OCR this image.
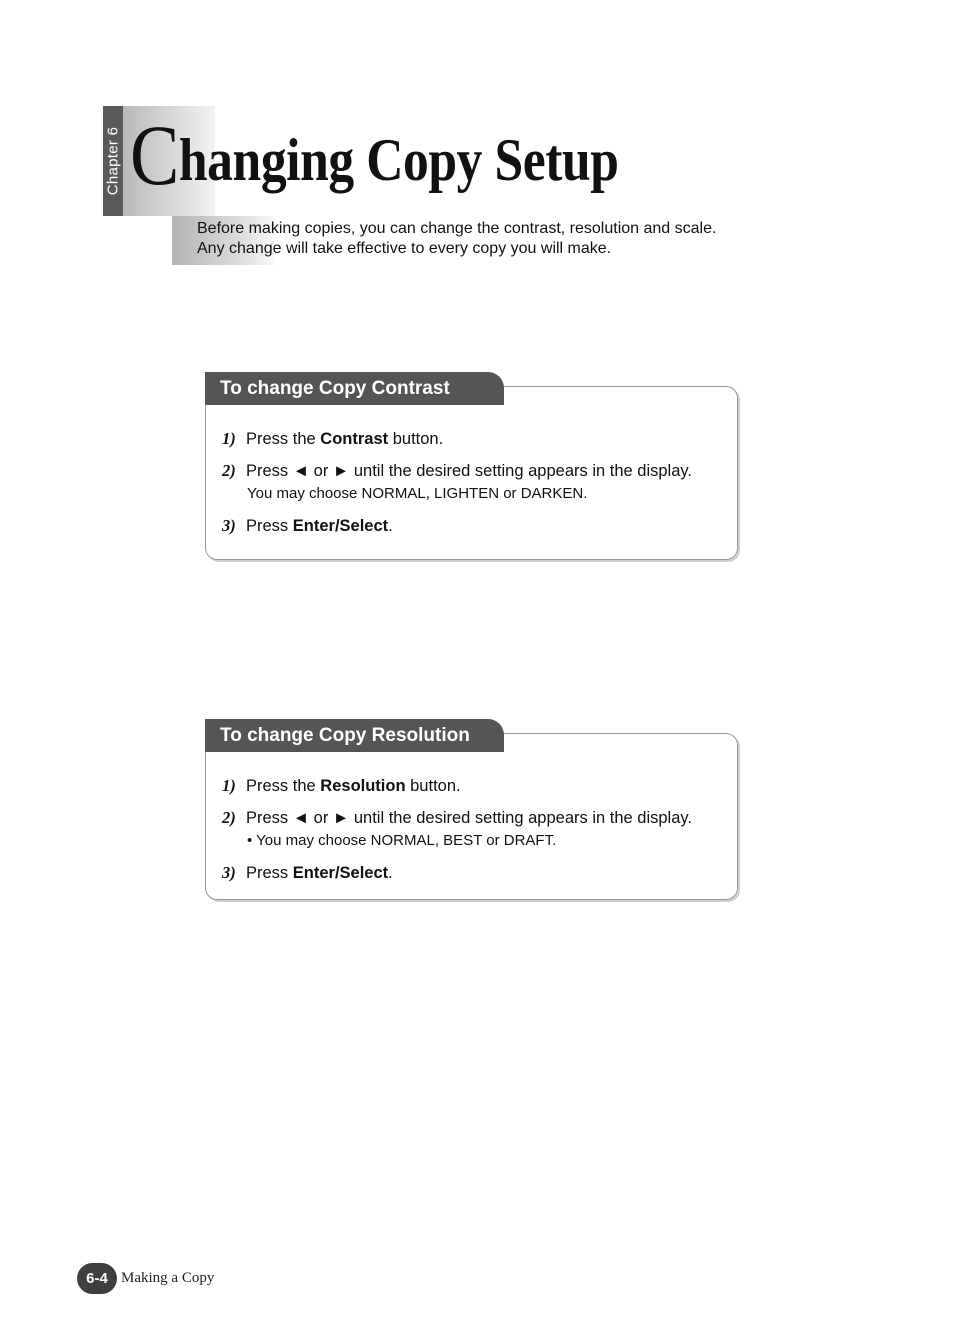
Chapter 6 Changing Copy Setup
Before making copies, you can change the contrast, resolution and scale. Any change will take effective to every copy you will make.
To change Copy Contrast
1) Press the Contrast button.
2) Press ◄ or ► until the desired setting appears in the display.
You may choose NORMAL, LIGHTEN or DARKEN.
3) Press Enter/Select.
To change Copy Resolution
1) Press the Resolution button.
2) Press ◄ or ► until the desired setting appears in the display.
• You may choose NORMAL, BEST or DRAFT.
3) Press Enter/Select.
6-4 Making a Copy
